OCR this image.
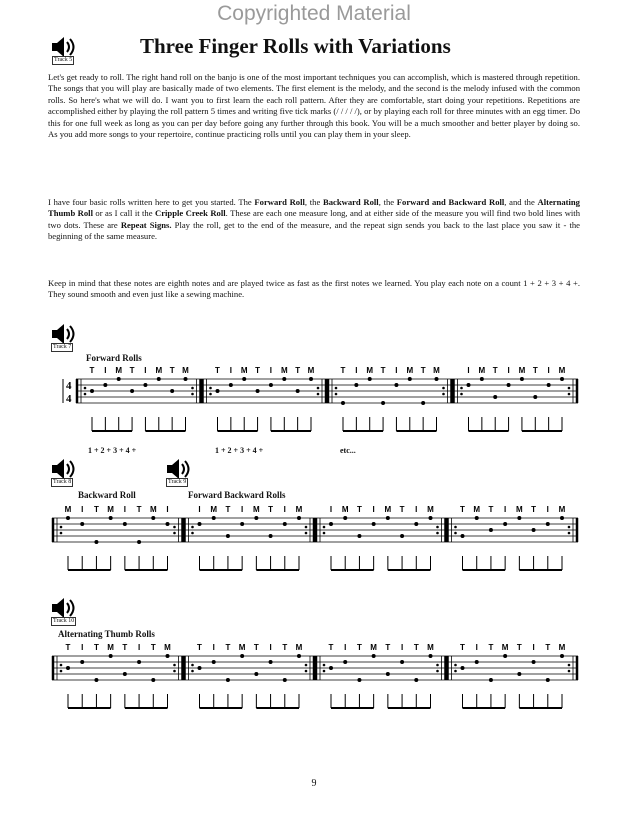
Copyrighted Material
Track 5
Three Finger Rolls with Variations

Let's get ready to roll. The right hand roll on the banjo is one of the most important techniques you can accomplish, which is mastered through repetition. The songs that you will play are basically made of two elements. The first element is the melody, and the second is the melody infused with the common rolls. So here's what we will do. I want you to first learn the each roll pattern. After they are comfortable, start doing your repetitions. Repetitions are accomplished either by playing the roll pattern 5 times and writing five tick marks (/ / / / /), or by playing each roll for three minutes with an egg timer. Do this for one full week as long as you can per day before going any further through this book. You will be a much smoother and better player by doing so. As you add more songs to your repertoire, continue practicing rolls until you can play them in your sleep.

I have four basic rolls written here to get you started. The Forward Roll, the Backward Roll, the Forward and Backward Roll, and the Alternating Thumb Roll or as I call it the Cripple Creek Roll. These are each one measure long, and at either side of the measure you will find two bold lines with two dots. These are Repeat Signs. Play the roll, get to the end of the measure, and the repeat sign sends you back to the last place you saw it - the beginning of the same measure.

Keep in mind that these notes are eighth notes and are played twice as fast as the first notes we learned. You play each note on a count 1 + 2 + 3 + 4 +. They sound smooth and even just like a sewing machine.

Track 7
Forward Rolls
4
4
T I M T I M T M	T I M T I M T M	T I M T I M T M	I M T I M T I M
1 + 2 + 3 + 4 +	1 + 2 + 3 + 4 +	etc...
Track 8	Track 9
Backward Roll	Forward Backward Rolls
M I T M I T M I	I M T I M T I M	I M T I M T I M	T M T I M T I M
Track 10
Alternating Thumb Rolls
T I T M T I T M	T I T M T I T M	T I T M T I T M	T I T M T I T M
9
